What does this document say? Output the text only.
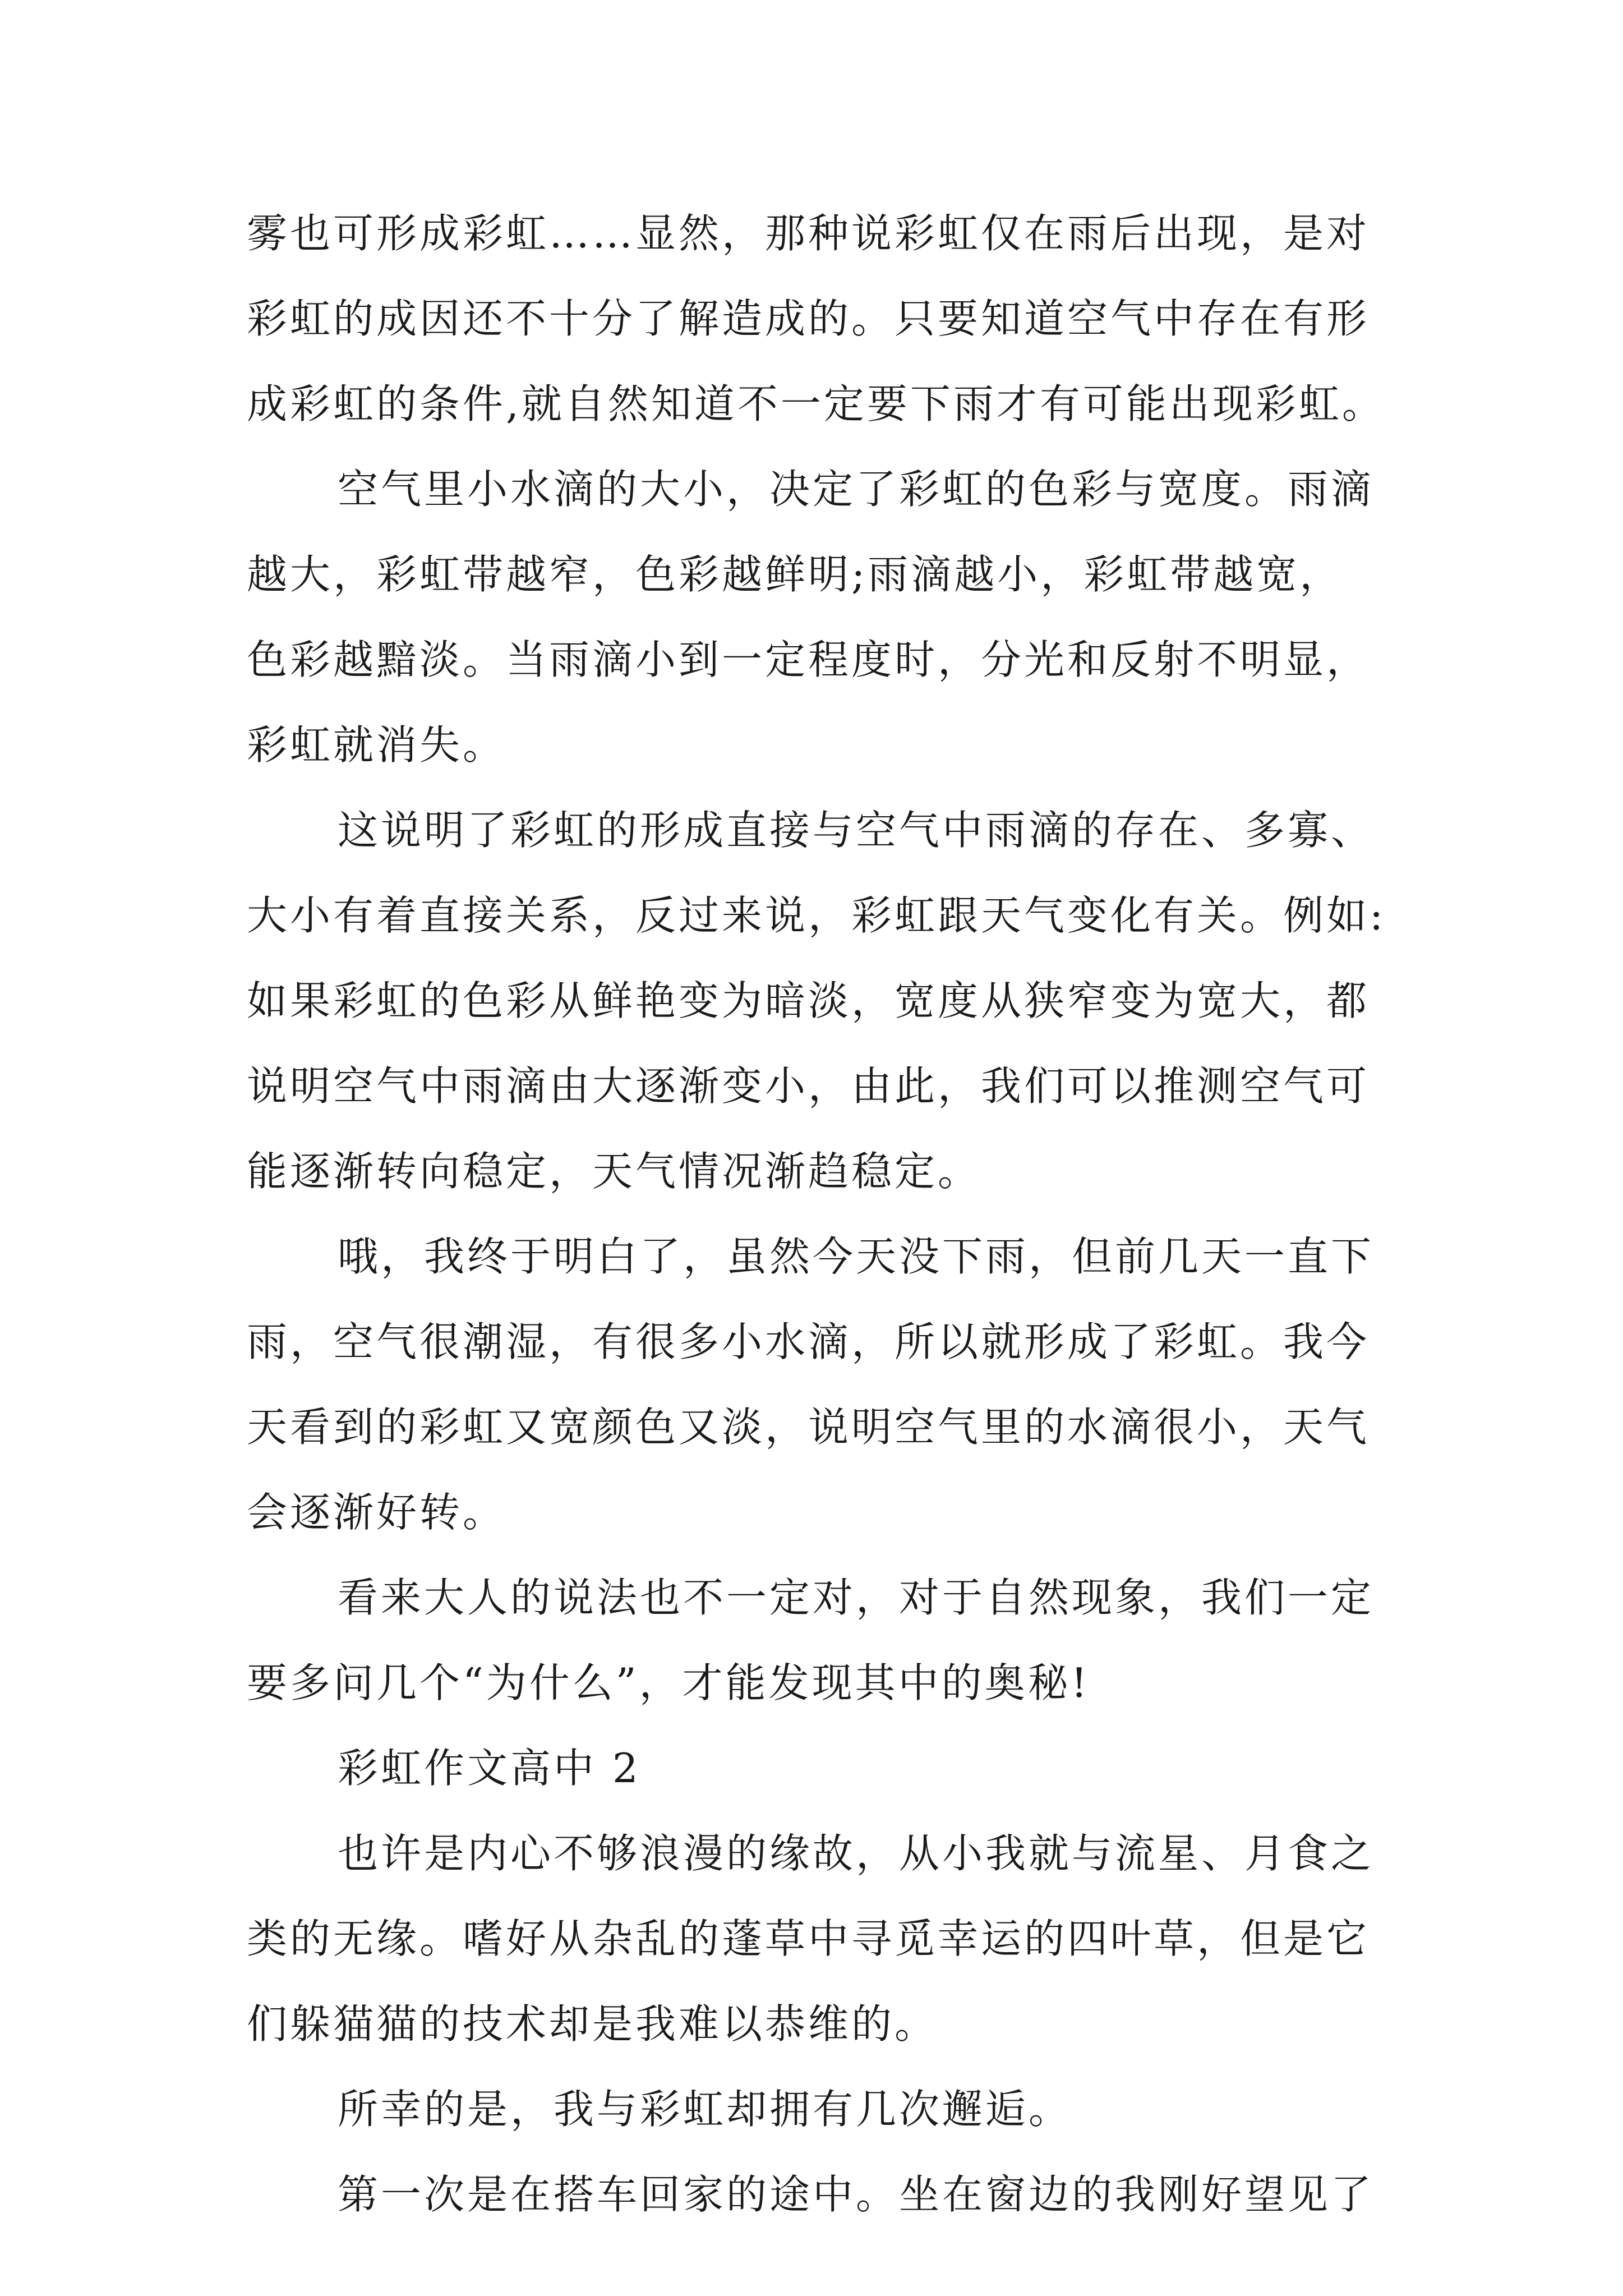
雾也可形成彩虹……显然，那种说彩虹仅在雨后出现，是对
彩虹的成因还不十分了解造成的。只要知道空气中存在有形
成彩虹的条件,就自然知道不一定要下雨才有可能出现彩虹。
空气里小水滴的大小，决定了彩虹的色彩与宽度。雨滴
越大，彩虹带越窄，色彩越鲜明;雨滴越小，彩虹带越宽，
色彩越黯淡。当雨滴小到一定程度时，分光和反射不明显，
彩虹就消失。
这说明了彩虹的形成直接与空气中雨滴的存在、多寡、
大小有着直接关系，反过来说，彩虹跟天气变化有关。例如:
如果彩虹的色彩从鲜艳变为暗淡，宽度从狭窄变为宽大，都
说明空气中雨滴由大逐渐变小，由此，我们可以推测空气可
能逐渐转向稳定，天气情况渐趋稳定。
哦，我终于明白了，虽然今天没下雨，但前几天一直下
雨，空气很潮湿，有很多小水滴，所以就形成了彩虹。我今
天看到的彩虹又宽颜色又淡，说明空气里的水滴很小，天气
会逐渐好转。
看来大人的说法也不一定对，对于自然现象，我们一定
要多问几个“为什么”，才能发现其中的奥秘!
彩虹作文高中 2
也许是内心不够浪漫的缘故，从小我就与流星、月食之
类的无缘。嗜好从杂乱的蓬草中寻觅幸运的四叶草，但是它
们躲猫猫的技术却是我难以恭维的。
所幸的是，我与彩虹却拥有几次邂逅。
第一次是在搭车回家的途中。坐在窗边的我刚好望见了
